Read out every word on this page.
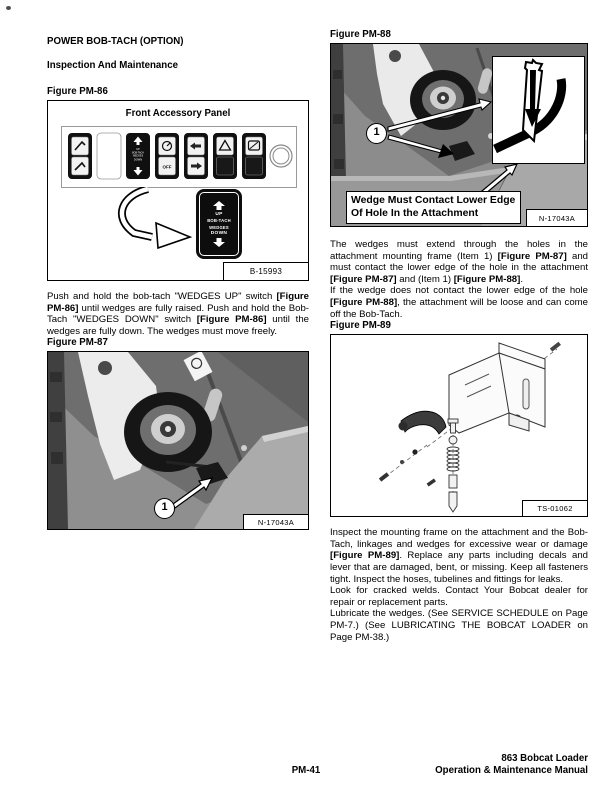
POWER BOB-TACH (OPTION)

Inspection And Maintenance

Figure PM-86

Front Accessory Panel
UP
BOB-TACH
WEDGES
DOWN
OFF
UP
BOB-TACH
WEDGES
DOWN
B-15993

Push and hold the bob-tach "WEDGES UP" switch [Figure PM-86] until wedges are fully raised. Push and hold the Bob-Tach "WEDGES DOWN" switch [Figure PM-86] until the wedges are fully down. The wedges must move freely.

Figure PM-87

1
N-17043A

Figure PM-88

1
Wedge Must Contact Lower Edge
Of Hole In the Attachment	N-17043A

The wedges must extend through the holes in the attachment mounting frame (Item 1) [Figure PM-87] and must contact the lower edge of the hole in the attachment [Figure PM-87] and (Item 1) [Figure PM-88].

If the wedge does not contact the lower edge of the hole [Figure PM-88], the attachment will be loose and can come off the Bob-Tach.

Figure PM-89

TS-01062

Inspect the mounting frame on the attachment and the Bob-Tach, linkages and wedges for excessive wear or damage [Figure PM-89]. Replace any parts including decals and lever that are damaged, bent, or missing. Keep all fasteners tight. Inspect the hoses, tubelines and fittings for leaks.

Look for cracked welds. Contact Your Bobcat dealer for repair or replacement parts.

Lubricate the wedges. (See SERVICE SCHEDULE on Page PM-7.) (See LUBRICATING THE BOBCAT LOADER on Page PM-38.)

PM-41
863 Bobcat Loader
Operation & Maintenance Manual
